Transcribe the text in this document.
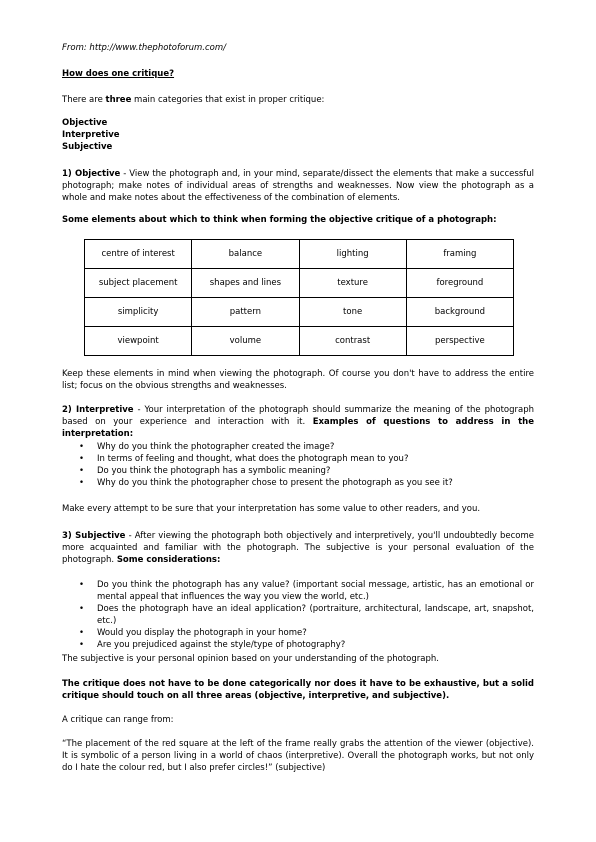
From: http://www.thephotoforum.com/
How does one critique?
There are three main categories that exist in proper critique:
Objective
Interpretive
Subjective
1) Objective - View the photograph and, in your mind, separate/dissect the elements that make a successful photograph; make notes of individual areas of strengths and weaknesses. Now view the photograph as a whole and make notes about the effectiveness of the combination of elements.
Some elements about which to think when forming the objective critique of a photograph:
centre of interest	balance	lighting	framing
subject placement	shapes and lines	texture	foreground
simplicity	pattern	tone	background
viewpoint	volume	contrast	perspective
Keep these elements in mind when viewing the photograph. Of course you don't have to address the entire list; focus on the obvious strengths and weaknesses.
2) Interpretive - Your interpretation of the photograph should summarize the meaning of the photograph based on your experience and interaction with it. Examples of questions to address in the interpretation:
• Why do you think the photographer created the image?
• In terms of feeling and thought, what does the photograph mean to you?
• Do you think the photograph has a symbolic meaning?
• Why do you think the photographer chose to present the photograph as you see it?
Make every attempt to be sure that your interpretation has some value to other readers, and you.
3) Subjective - After viewing the photograph both objectively and interpretively, you'll undoubtedly become more acquainted and familiar with the photograph. The subjective is your personal evaluation of the photograph. Some considerations:
• Do you think the photograph has any value? (important social message, artistic, has an emotional or mental appeal that influences the way you view the world, etc.)
• Does the photograph have an ideal application? (portraiture, architectural, landscape, art, snapshot, etc.)
• Would you display the photograph in your home?
• Are you prejudiced against the style/type of photography?
The subjective is your personal opinion based on your understanding of the photograph.
The critique does not have to be done categorically nor does it have to be exhaustive, but a solid critique should touch on all three areas (objective, interpretive, and subjective).
A critique can range from:
“The placement of the red square at the left of the frame really grabs the attention of the viewer (objective). It is symbolic of a person living in a world of chaos (interpretive). Overall the photograph works, but not only do I hate the colour red, but I also prefer circles!” (subjective)
